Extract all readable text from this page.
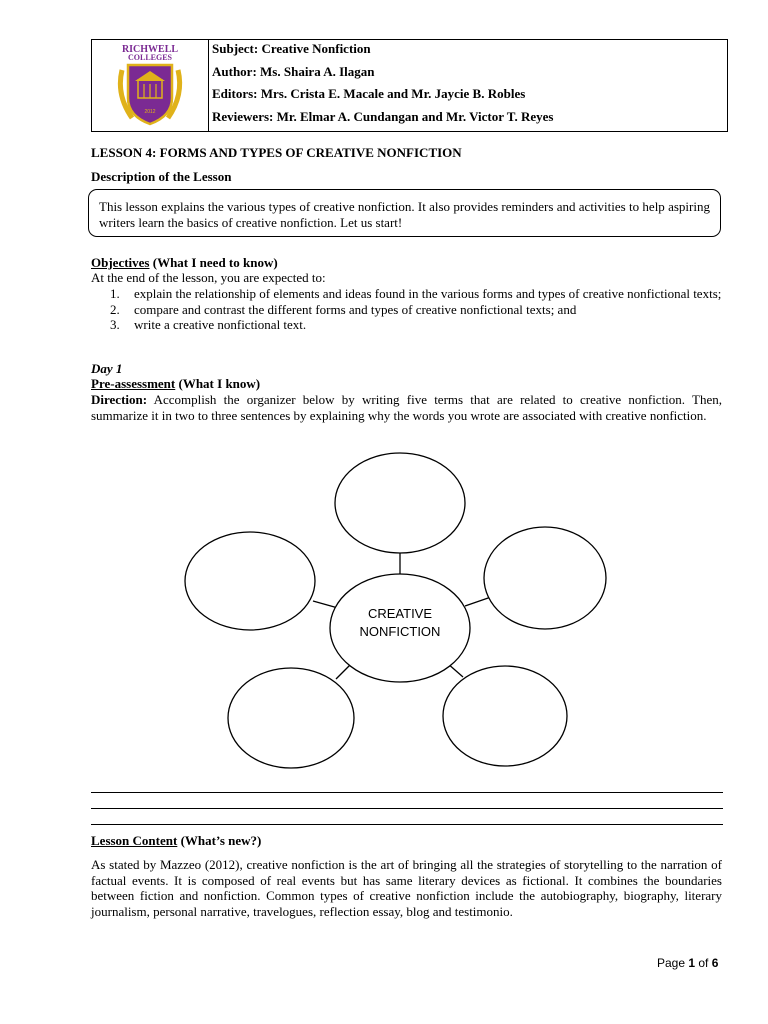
RICHWELL
COLLEGES
2012
Subject: Creative Nonfiction
Author: Ms. Shaira A. Ilagan
Editors: Mrs. Crista E. Macale and Mr. Jaycie B. Robles
Reviewers: Mr. Elmar A. Cundangan and Mr. Victor T. Reyes
LESSON 4: FORMS AND TYPES OF CREATIVE NONFICTION
Description of the Lesson
This lesson explains the various types of creative nonfiction. It also provides reminders and activities to help aspiring writers learn the basics of creative nonfiction. Let us start!
Objectives (What I need to know)
At the end of the lesson, you are expected to:
1. explain the relationship of elements and ideas found in the various forms and types of creative nonfictional texts;
2. compare and contrast the different forms and types of creative nonfictional texts; and
3. write a creative nonfictional text.
Day 1
Pre-assessment (What I know)
Direction: Accomplish the organizer below by writing five terms that are related to creative nonfiction. Then, summarize it in two to three sentences by explaining why the words you wrote are associated with creative nonfiction.
CREATIVE
NONFICTION
Lesson Content (What’s new?)
As stated by Mazzeo (2012), creative nonfiction is the art of bringing all the strategies of storytelling to the narration of factual events. It is composed of real events but has same literary devices as fictional. It combines the boundaries between fiction and nonfiction. Common types of creative nonfiction include the autobiography, biography, literary journalism, personal narrative, travelogues, reflection essay, blog and testimonio.
Page 1 of 6
